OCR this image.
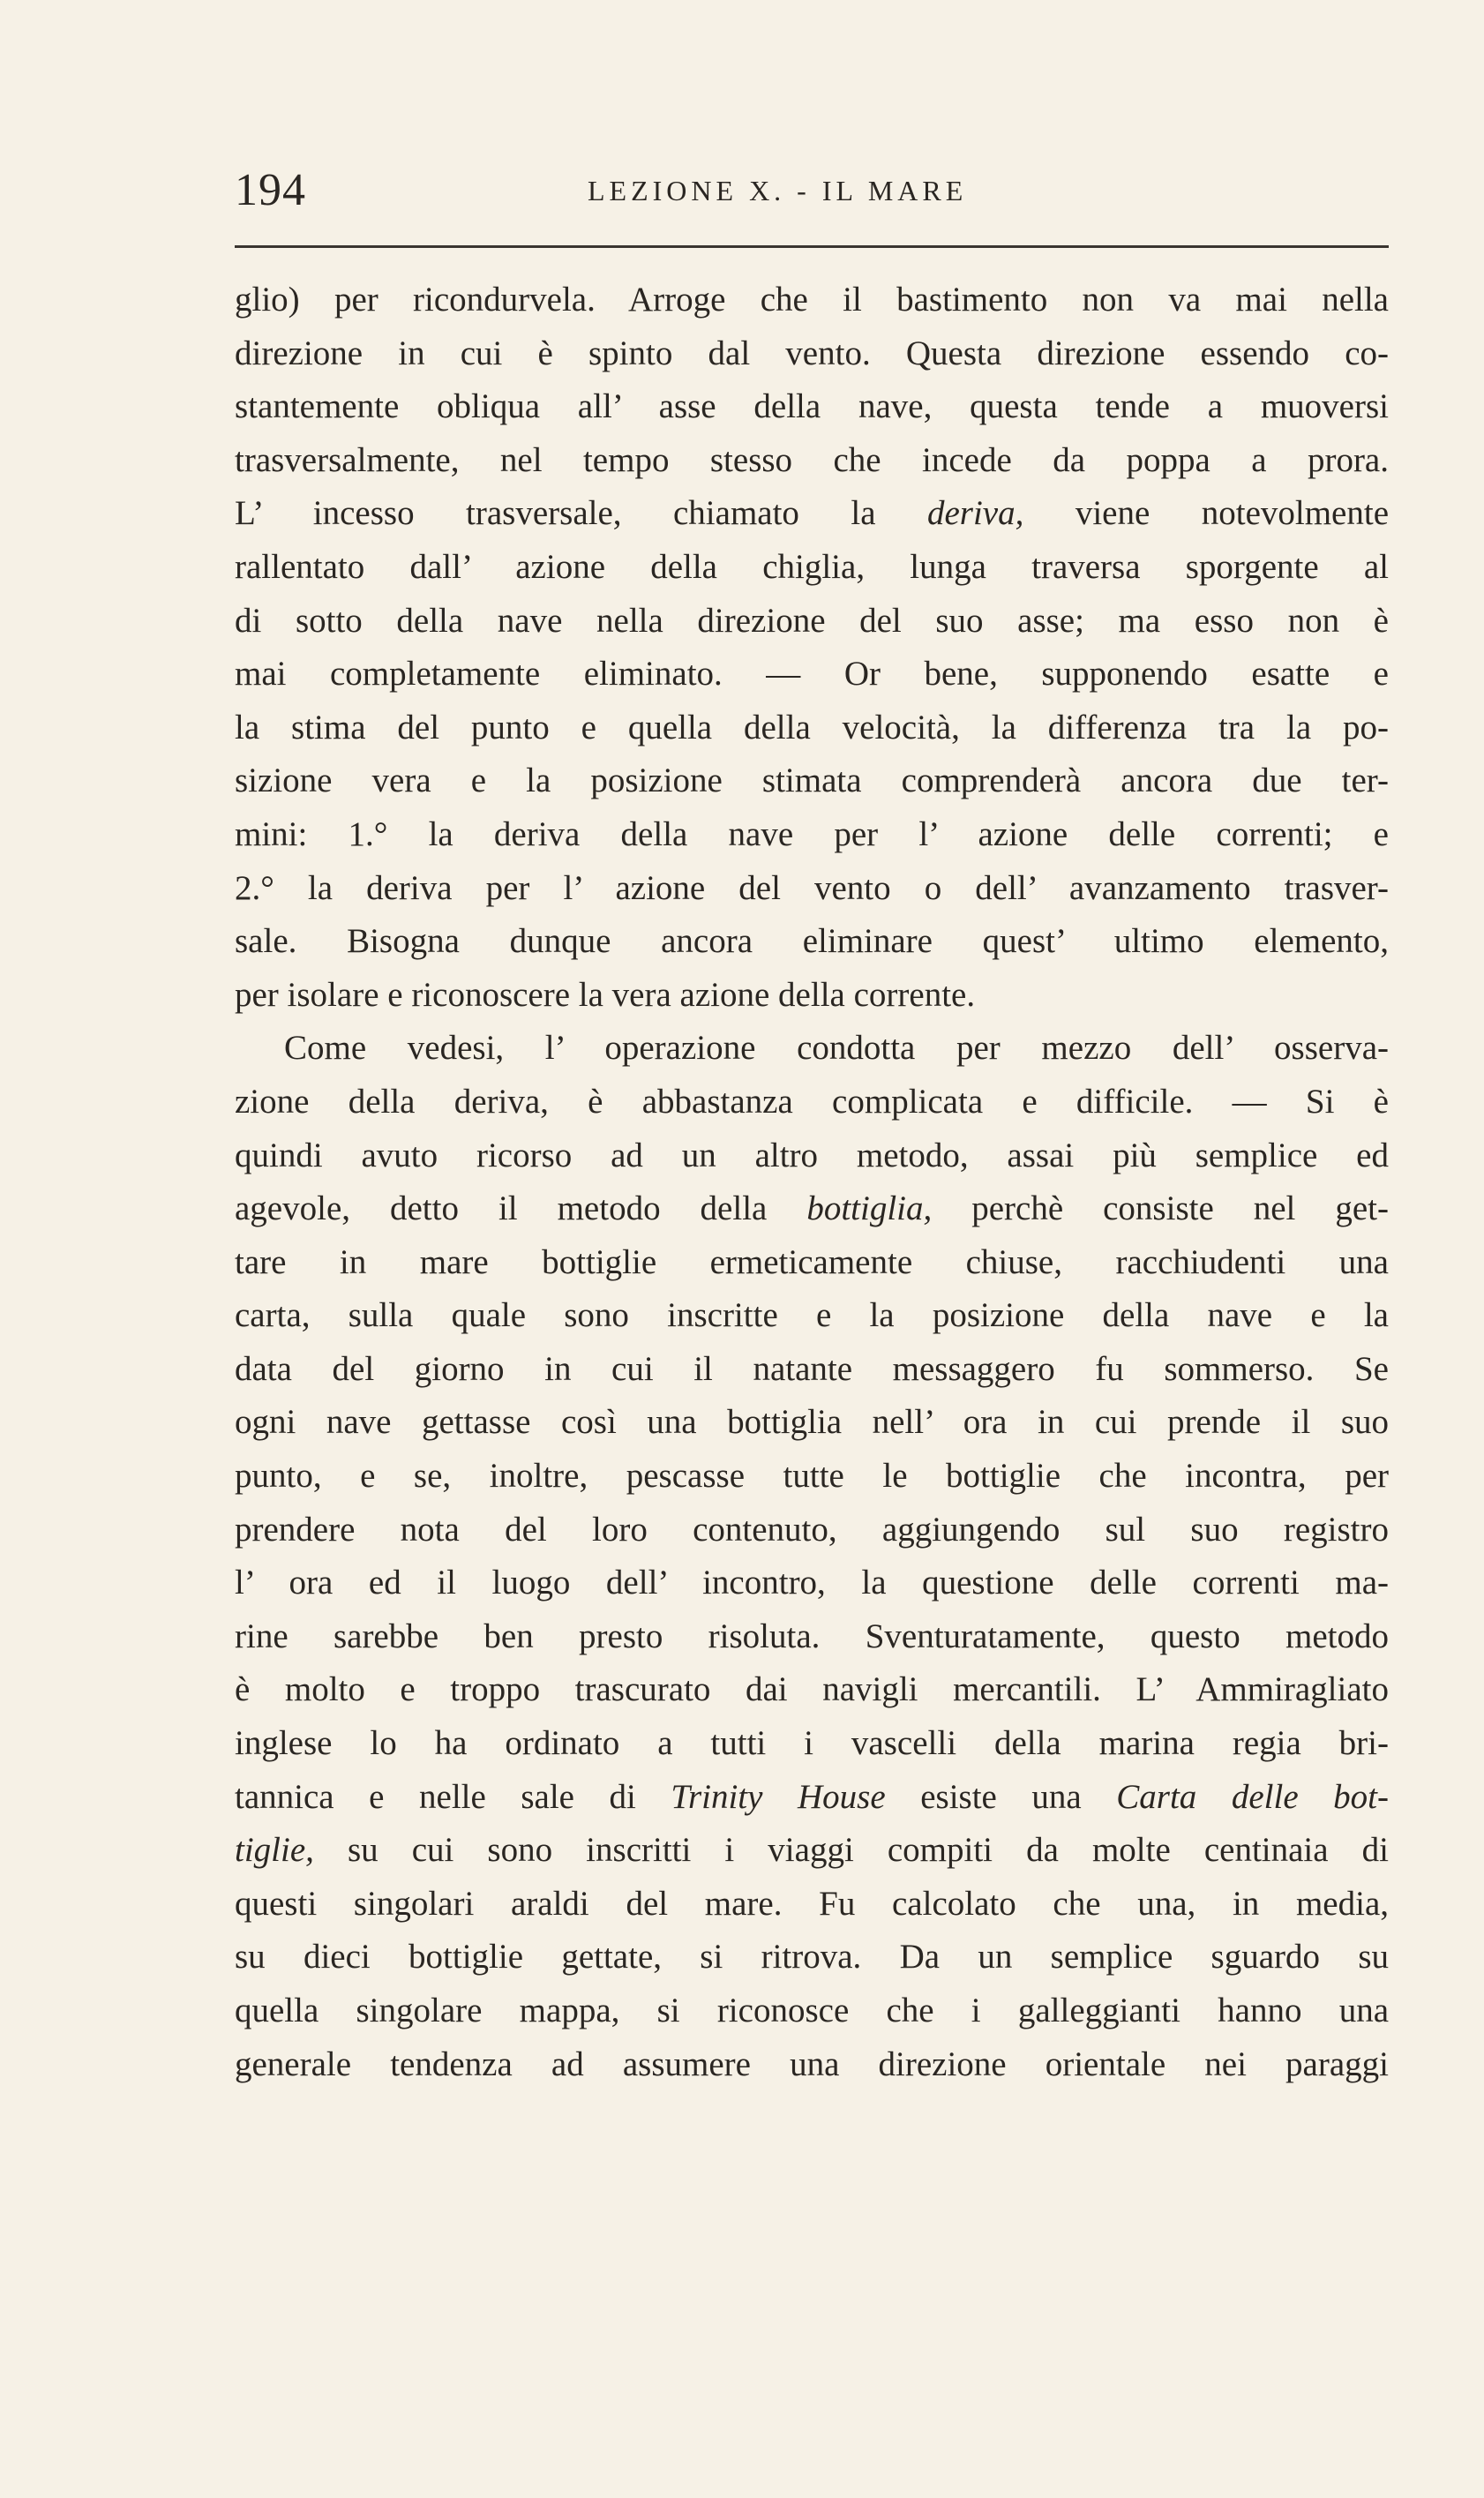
194	LEZIONE X. - IL MARE
glio) per ricondurvela. Arroge che il bastimento non va mai nella
direzione in cui è spinto dal vento. Questa direzione essendo co-
stantemente obliqua all’ asse della nave, questa tende a muoversi
trasversalmente, nel tempo stesso che incede da poppa a prora.
L’ incesso trasversale, chiamato la deriva, viene notevolmente
rallentato dall’ azione della chiglia, lunga traversa sporgente al
di sotto della nave nella direzione del suo asse; ma esso non è
mai completamente eliminato. — Or bene, supponendo esatte e
la stima del punto e quella della velocità, la differenza tra la po-
sizione vera e la posizione stimata comprenderà ancora due ter-
mini: 1.° la deriva della nave per l’ azione delle correnti; e
2.° la deriva per l’ azione del vento o dell’ avanzamento trasver-
sale. Bisogna dunque ancora eliminare quest’ ultimo elemento,
per isolare e riconoscere la vera azione della corrente.
Come vedesi, l’ operazione condotta per mezzo dell’ osserva-
zione della deriva, è abbastanza complicata e difficile. — Si è
quindi avuto ricorso ad un altro metodo, assai più semplice ed
agevole, detto il metodo della bottiglia, perchè consiste nel get-
tare in mare bottiglie ermeticamente chiuse, racchiudenti una
carta, sulla quale sono inscritte e la posizione della nave e la
data del giorno in cui il natante messaggero fu sommerso. Se
ogni nave gettasse così una bottiglia nell’ ora in cui prende il suo
punto, e se, inoltre, pescasse tutte le bottiglie che incontra, per
prendere nota del loro contenuto, aggiungendo sul suo registro
l’ ora ed il luogo dell’ incontro, la questione delle correnti ma-
rine sarebbe ben presto risoluta. Sventuratamente, questo metodo
è molto e troppo trascurato dai navigli mercantili. L’ Ammiragliato
inglese lo ha ordinato a tutti i vascelli della marina regia bri-
tannica e nelle sale di Trinity House esiste una Carta delle bot-
tiglie, su cui sono inscritti i viaggi compiti da molte centinaia di
questi singolari araldi del mare. Fu calcolato che una, in media,
su dieci bottiglie gettate, si ritrova. Da un semplice sguardo su
quella singolare mappa, si riconosce che i galleggianti hanno una
generale tendenza ad assumere una direzione orientale nei paraggi
